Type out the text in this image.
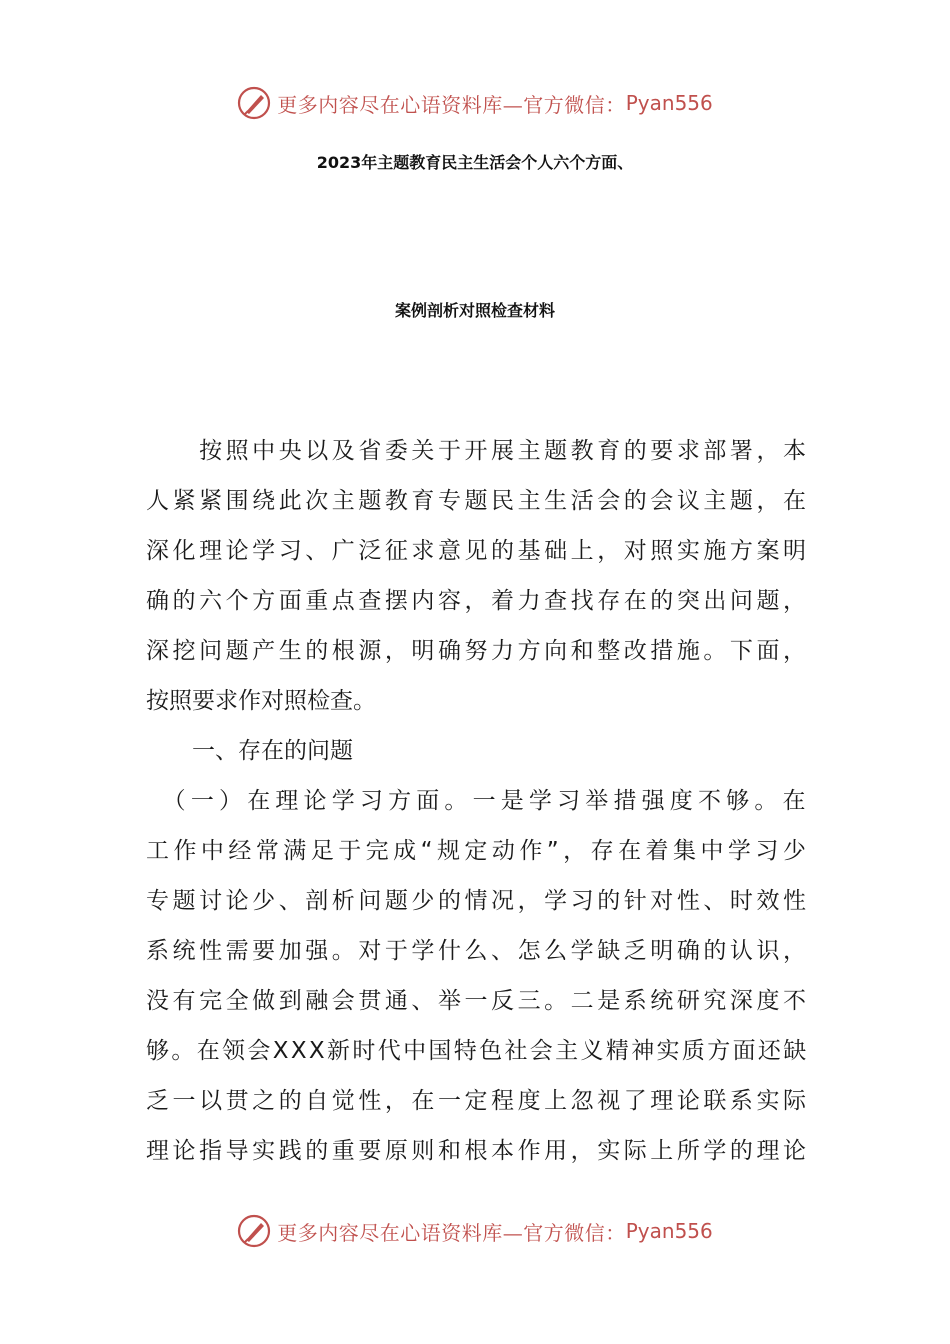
更多内容尽在心语资料库—官方微信： Pyan556
2023年主题教育民主生活会个人六个方面、
案例剖析对照检查材料
　　按照中央以及省委关于开展主题教育的要求部署，本
人紧紧围绕此次主题教育专题民主生活会的会议主题，在
深化理论学习、广泛征求意见的基础上，对照实施方案明
确的六个方面重点查摆内容，着力查找存在的突出问题，
深挖问题产生的根源，明确努力方向和整改措施。下面，
按照要求作对照检查。
　　一、存在的问题
　（一）在理论学习方面。一是学习举措强度不够。在
工作中经常满足于完成“规定动作”，存在着集中学习少
专题讨论少、剖析问题少的情况，学习的针对性、时效性
系统性需要加强。对于学什么、怎么学缺乏明确的认识，
没有完全做到融会贯通、举一反三。二是系统研究深度不
够。在领会XXX新时代中国特色社会主义精神实质方面还缺
乏一以贯之的自觉性，在一定程度上忽视了理论联系实际
理论指导实践的重要原则和根本作用，实际上所学的理论
更多内容尽在心语资料库—官方微信： Pyan556
